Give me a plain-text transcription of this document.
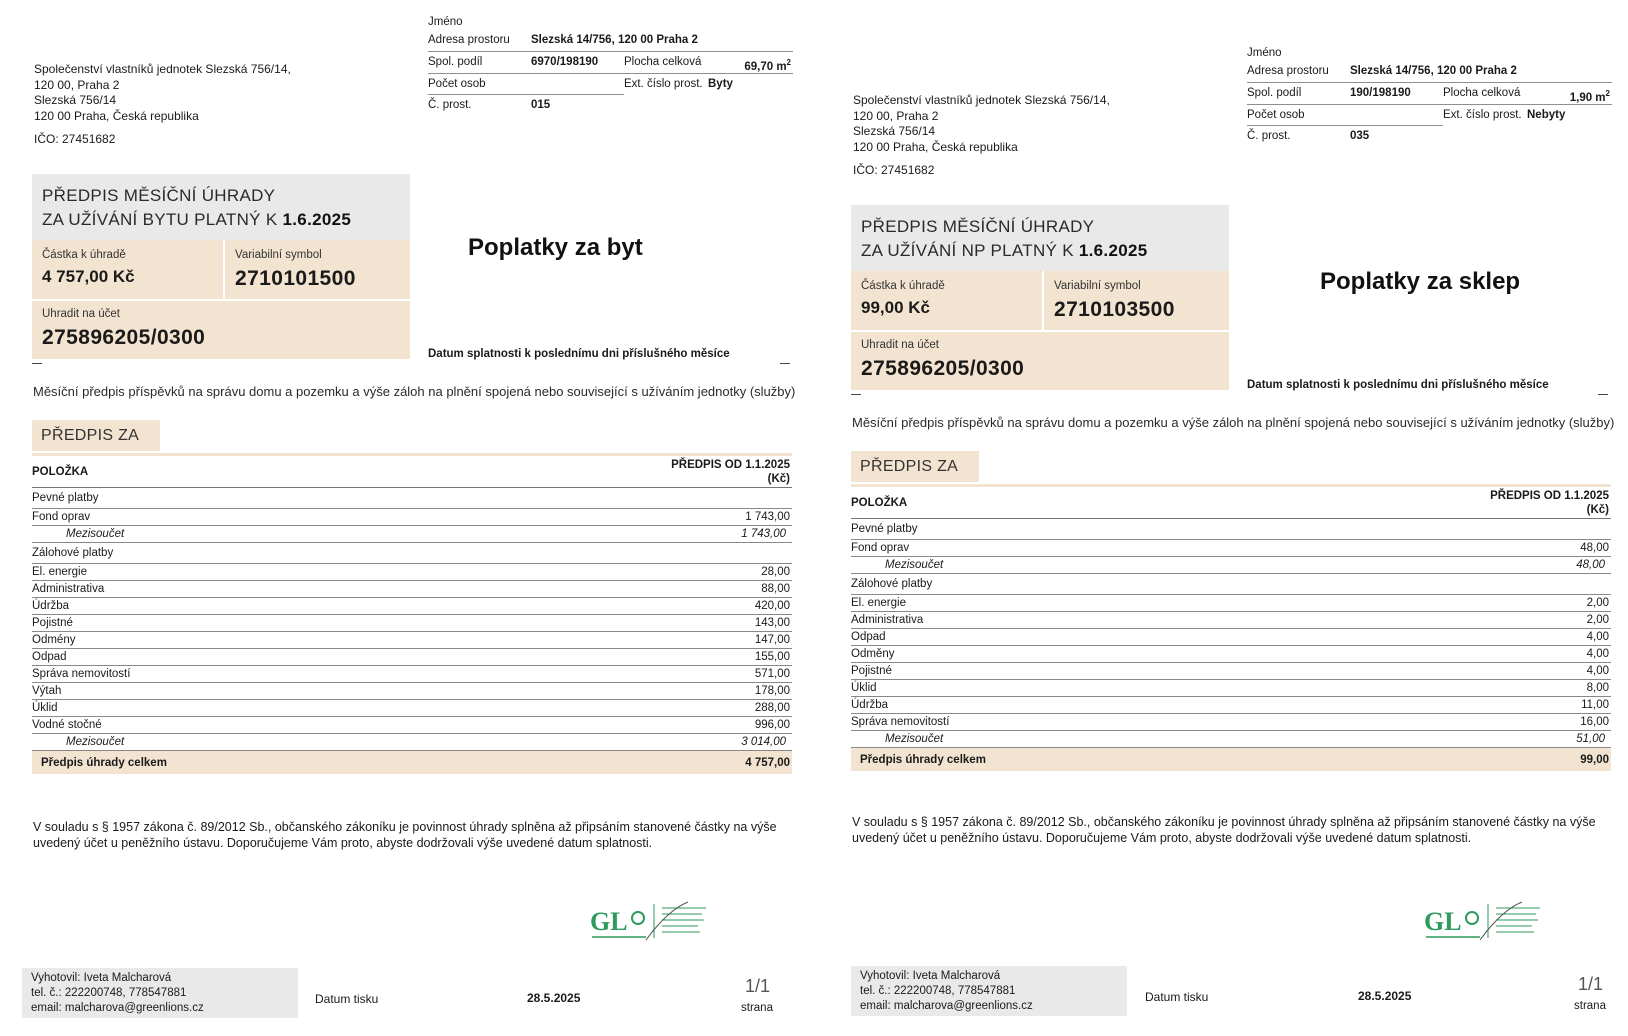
Společenství vlastníků jednotek Slezská 756/14,
120 00, Praha 2
Slezská 756/14
120 00 Praha, Česká republika
IČO: 27451682
Jméno
Adresa prostoru Slezská 14/756, 120 00 Praha 2
Spol. podíl	6970/198190 Plocha celková	69,70 $m^2$
Počet osob	Ext. číslo prost. Byty
Č. prost.	015
PŘEDPIS MĚSÍČNÍ ÚHRADY
ZA UŽÍVÁNÍ BYTU PLATNÝ K 1.6.2025
Částka k úhradě
4 757,00 Kč
Variabilní symbol
2710101500
Uhradit na účet
275896205/0300
Poplatky za byt
Datum splatnosti k poslednímu dni příslušného měsíce
Měsíční předpis příspěvků na správu domu a pozemku a výše záloh na plnění spojená nebo související s užíváním jednotky (služby)
PŘEDPIS ZA
POLOŽKA
PŘEDPIS OD 1.1.2025
(Kč)
Pevné platby
Fond oprav	1 743,00
Mezisoučet	1 743,00
Zálohové platby
El. energie	28,00
Administrativa	88,00
Údržba	420,00
Pojistné	143,00
Odmény	147,00
Odpad	155,00
Správa nemovitostí	571,00
Výtah	178,00
Úklid	288,00
Vodné stočné	996,00
Mezisoučet	3 014,00
Předpis úhrady celkem	4 757,00
V souladu s § 1957 zákona č. 89/2012 Sb., občanského zákoníku je povinnost úhrady splněna až připsáním stanovené částky na výše
uvedený účet u peněžního ústavu. Doporučujeme Vám proto, abyste dodržovali výše uvedené datum splatnosti.
GL
Vyhotovil: Iveta Malcharová
tel. č.: 222200748, 778547881
email: malcharova@greenlions.cz
Datum tisku	28.5.2025
1/1
strana
Společenství vlastníků jednotek Slezská 756/14,
120 00, Praha 2
Slezská 756/14
120 00 Praha, Česká republika
IČO: 27451682
Jméno
Adresa prostoru Slezská 14/756, 120 00 Praha 2
Spol. podíl	190/198190	Plocha celková	1,90 $m^2$
Počet osob	Ext. číslo prost. Nebyty
Č. prost.	035
PŘEDPIS MĚSÍČNÍ ÚHRADY
ZA UŽÍVÁNÍ NP PLATNÝ K 1.6.2025
Částka k úhradě
99,00 Kč
Variabilní symbol
2710103500
Uhradit na účet
275896205/0300
Poplatky za sklep
Datum splatnosti k poslednímu dni příslušného měsíce
Měsíční předpis příspěvků na správu domu a pozemku a výše záloh na plnění spojená nebo související s užíváním jednotky (služby)
PŘEDPIS ZA
POLOŽKA
PŘEDPIS OD 1.1.2025
(Kč)
Pevné platby
Fond oprav	48,00
Mezisoučet	48,00
Zálohové platby
El. energie	2,00
Administrativa	2,00
Odpad	4,00
Odměny	4,00
Pojistné	4,00
Úklid	8,00
Údržba	11,00
Správa nemovitostí	16,00
Mezisoučet	51,00
Předpis úhrady celkem	99,00
V souladu s § 1957 zákona č. 89/2012 Sb., občanského zákoníku je povinnost úhrady splněna až připsáním stanovené částky na výše
uvedený účet u peněžního ústavu. Doporučujeme Vám proto, abyste dodržovali výše uvedené datum splatnosti.
GL
Vyhotovil: Iveta Malcharová
tel. č.: 222200748, 778547881
email: malcharova@greenlions.cz
Datum tisku	28.5.2025
1/1
strana
